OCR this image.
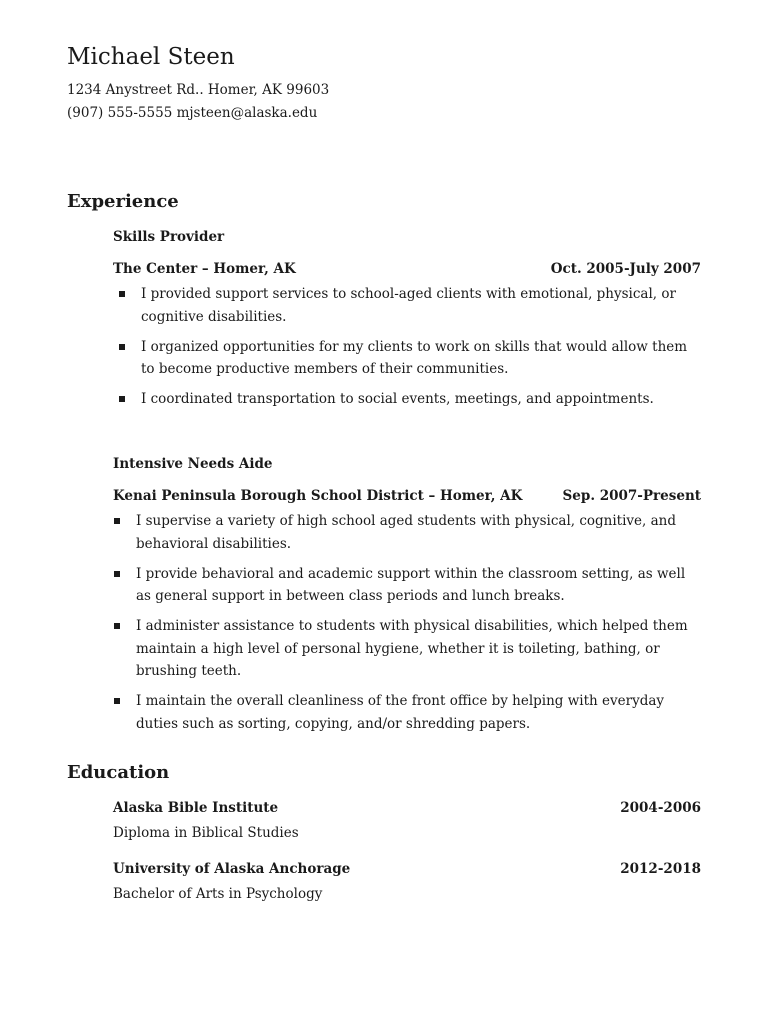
Michael Steen
1234 Anystreet Rd.. Homer, AK 99603
(907) 555-5555 mjsteen@alaska.edu
Experience
Skills Provider
The Center – Homer, AK	Oct. 2005-July 2007
I provided support services to school-aged clients with emotional, physical, or cognitive disabilities.
I organized opportunities for my clients to work on skills that would allow them to become productive members of their communities.
I coordinated transportation to social events, meetings, and appointments.
Intensive Needs Aide
Kenai Peninsula Borough School District – Homer, AK	Sep. 2007-Present
I supervise a variety of high school aged students with physical, cognitive, and behavioral disabilities.
I provide behavioral and academic support within the classroom setting, as well as general support in between class periods and lunch breaks.
I administer assistance to students with physical disabilities, which helped them maintain a high level of personal hygiene, whether it is toileting, bathing, or brushing teeth.
I maintain the overall cleanliness of the front office by helping with everyday duties such as sorting, copying, and/or shredding papers.
Education
Alaska Bible Institute	2004-2006
Diploma in Biblical Studies
University of Alaska Anchorage	2012-2018
Bachelor of Arts in Psychology
